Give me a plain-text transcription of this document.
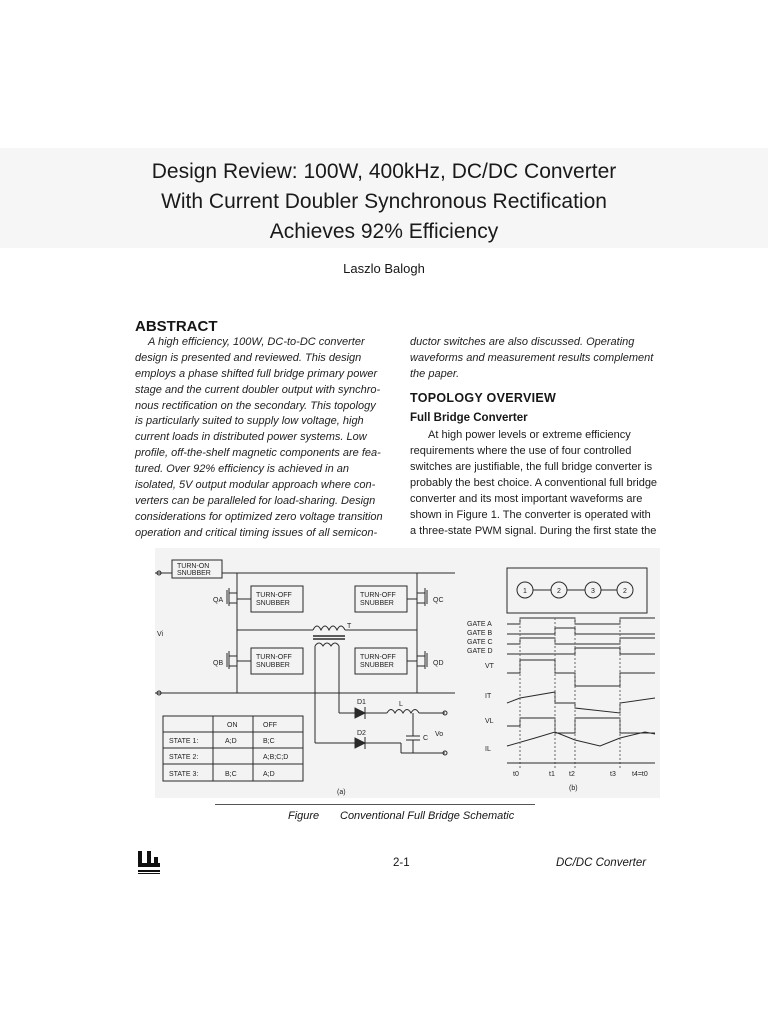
Design Review: 100W, 400kHz, DC/DC Converter
With Current Doubler Synchronous Rectification
Achieves 92% Efficiency
Laszlo Balogh
ABSTRACT
A high efficiency, 100W, DC-to-DC converter
design is presented and reviewed. This design
employs a phase shifted full bridge primary power
stage and the current doubler output with synchro-
nous rectification on the secondary. This topology
is particularly suited to supply low voltage, high
current loads in distributed power systems. Low
profile, off-the-shelf magnetic components are fea-
tured. Over 92% efficiency is achieved in an
isolated, 5V output modular approach where con-
verters can be paralleled for load-sharing. Design
considerations for optimized zero voltage transition
operation and critical timing issues of all semicon-
ductor switches are also discussed. Operating
waveforms and measurement results complement
the paper.
TOPOLOGY OVERVIEW
Full Bridge Converter
At high power levels or extreme efficiency
requirements where the use of four controlled
switches are justifiable, the full bridge converter is
probably the best choice. A conventional full bridge
converter and its most important waveforms are
shown in Figure 1. The converter is operated with
a three-state PWM signal. During the first state the
TURN-ON
SNUBBER
TURN-OFF
SNUBBER
TURN-OFF
SNUBBER
TURN-OFF
SNUBBER
TURN-OFF
SNUBBER
QA	QC
QB	QD
Vi
T
D1
D2
L
C
Vo
ON	OFF
STATE 1:	A;D	B;C
STATE 2:	A;B;C;D
STATE 3:	B;C	A;D
1	2	3	2
GATE A
GATE B
GATE C
GATE D
VT
IT
VL
IL
t0	t1 t2	t3 t4=t0
(a)
(b)
Figure Conventional Full Bridge Schematic
2-1	DC/DC Converter
